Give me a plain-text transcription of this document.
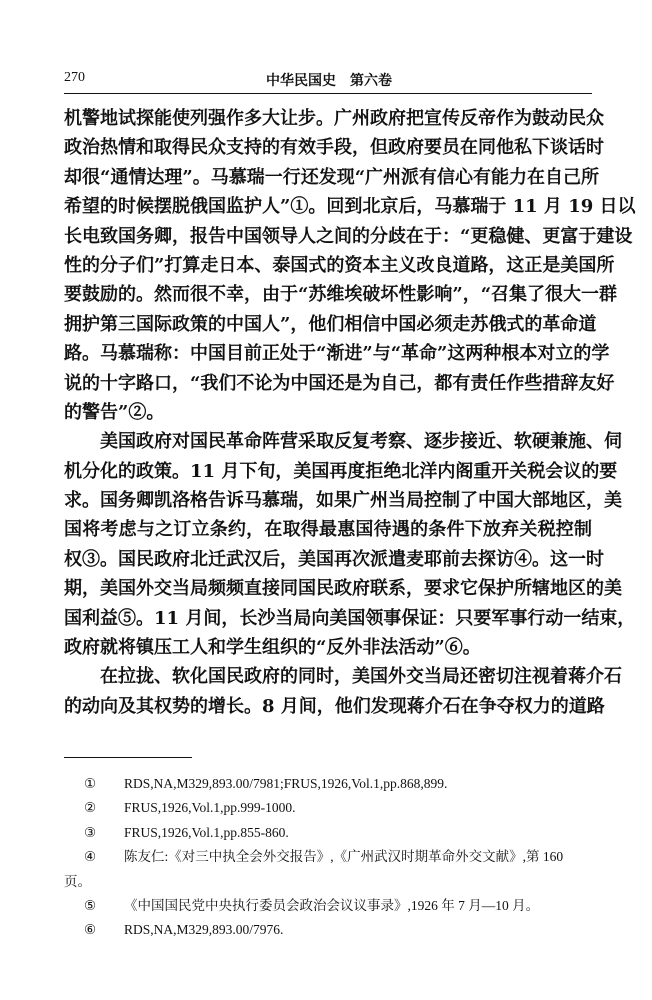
270	中华民国史　第六卷
机警地试探能使列强作多大让步。广州政府把宣传反帝作为鼓动民众
政治热情和取得民众支持的有效手段，但政府要员在同他私下谈话时
却很“通情达理”。马慕瑞一行还发现“广州派有信心有能力在自己所
希望的时候摆脱俄国监护人”①。回到北京后，马慕瑞于 11 月 19 日以
长电致国务卿，报告中国领导人之间的分歧在于：“更稳健、更富于建设
性的分子们”打算走日本、泰国式的资本主义改良道路，这正是美国所
要鼓励的。然而很不幸，由于“苏维埃破坏性影响”，“召集了很大一群
拥护第三国际政策的中国人”，他们相信中国必须走苏俄式的革命道
路。马慕瑞称：中国目前正处于“渐进”与“革命”这两种根本对立的学
说的十字路口，“我们不论为中国还是为自己，都有责任作些措辞友好
的警告”②。
美国政府对国民革命阵营采取反复考察、逐步接近、软硬兼施、伺
机分化的政策。11 月下旬，美国再度拒绝北洋内阁重开关税会议的要
求。国务卿凯洛格告诉马慕瑞，如果广州当局控制了中国大部地区，美
国将考虑与之订立条约，在取得最惠国待遇的条件下放弃关税控制
权③。国民政府北迁武汉后，美国再次派遣麦耶前去探访④。这一时
期，美国外交当局频频直接同国民政府联系，要求它保护所辖地区的美
国利益⑤。11 月间，长沙当局向美国领事保证：只要军事行动一结束，
政府就将镇压工人和学生组织的“反外非法活动”⑥。
在拉拢、软化国民政府的同时，美国外交当局还密切注视着蒋介石
的动向及其权势的增长。8 月间，他们发现蒋介石在争夺权力的道路
① RDS,NA,M329,893.00/7981;FRUS,1926,Vol.1,pp.868,899.
② FRUS,1926,Vol.1,pp.999-1000.
③ FRUS,1926,Vol.1,pp.855-860.
④ 陈友仁:《对三中执全会外交报告》,《广州武汉时期革命外交文献》,第 160
页。
⑤ 《中国国民党中央执行委员会政治会议议事录》,1926 年 7 月—10 月。
⑥ RDS,NA,M329,893.00/7976.
